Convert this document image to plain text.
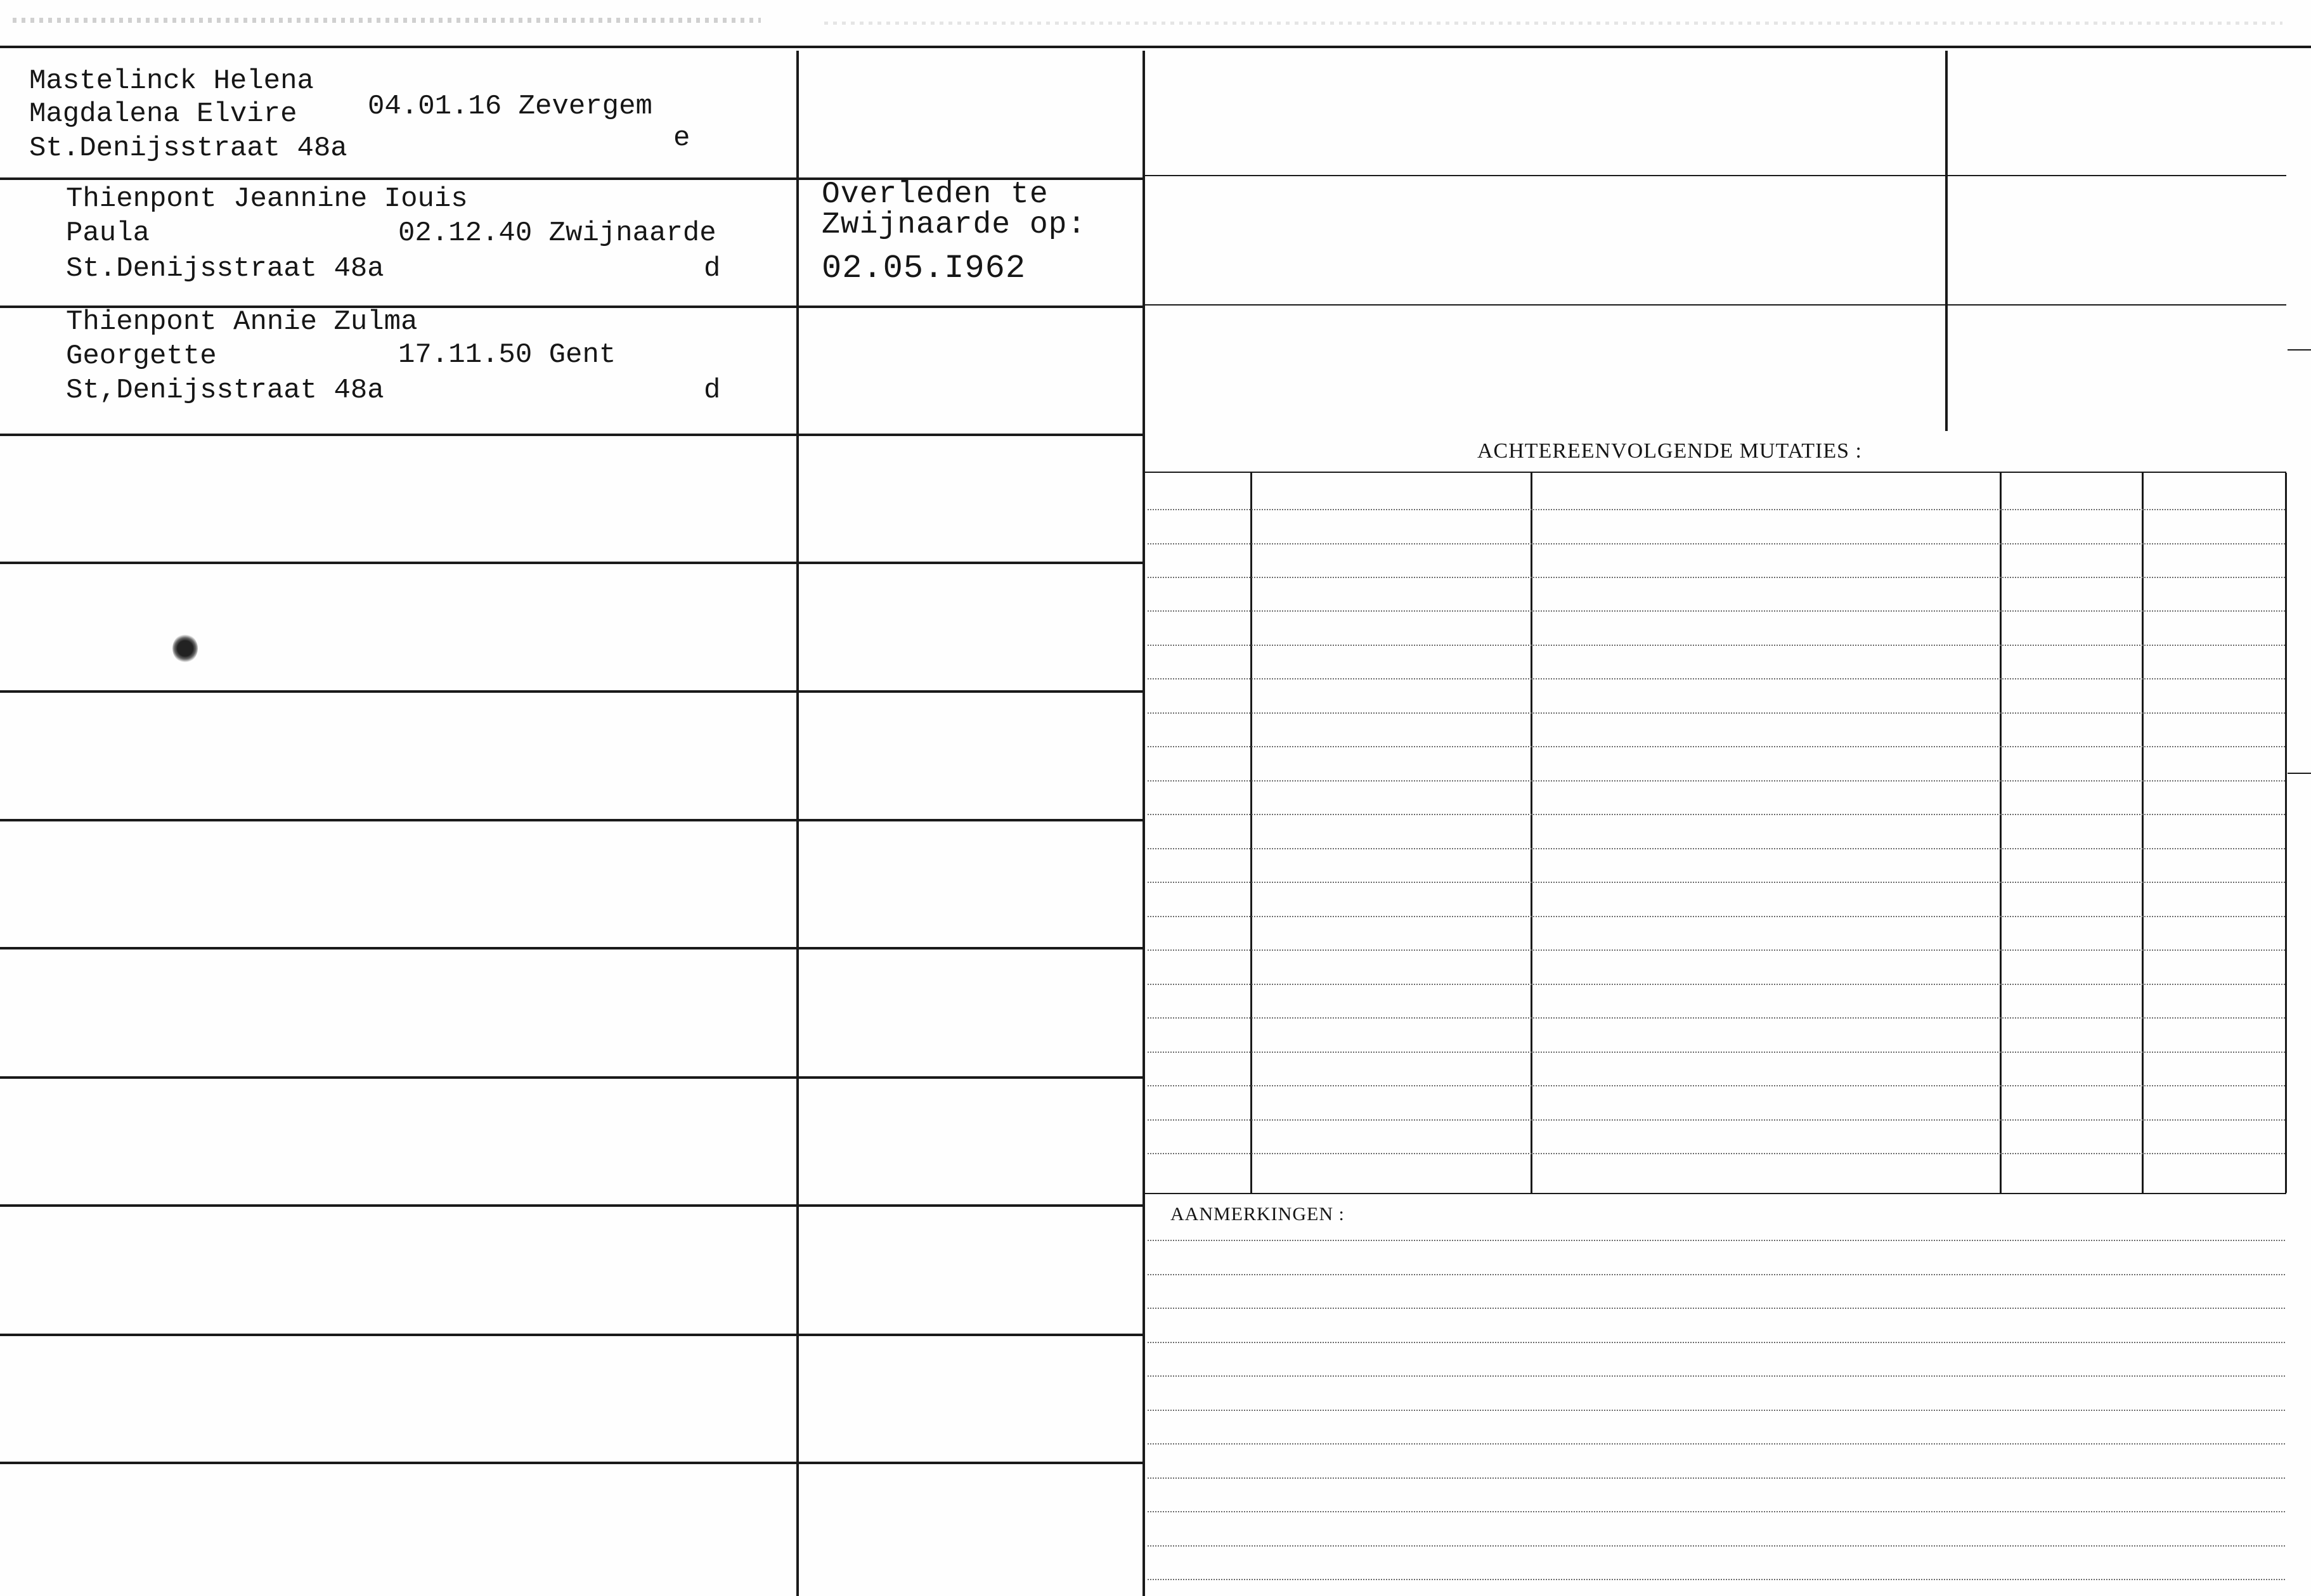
Mastelinck Helena
Magdalena Elvire	04.01.16 Zevergem
St.Denijsstraat 48a	e
Thienpont Jeannine Iouis
Paula	02.12.40 Zwijnaarde
St.Denijsstraat 48a	d
Overleden te
Zwijnaarde op:
02.05.I962
Thienpont Annie Zulma
Georgette	17.11.50 Gent
St,Denijsstraat 48a	d
ACHTEREENVOLGENDE MUTATIES :
AANMERKINGEN :
